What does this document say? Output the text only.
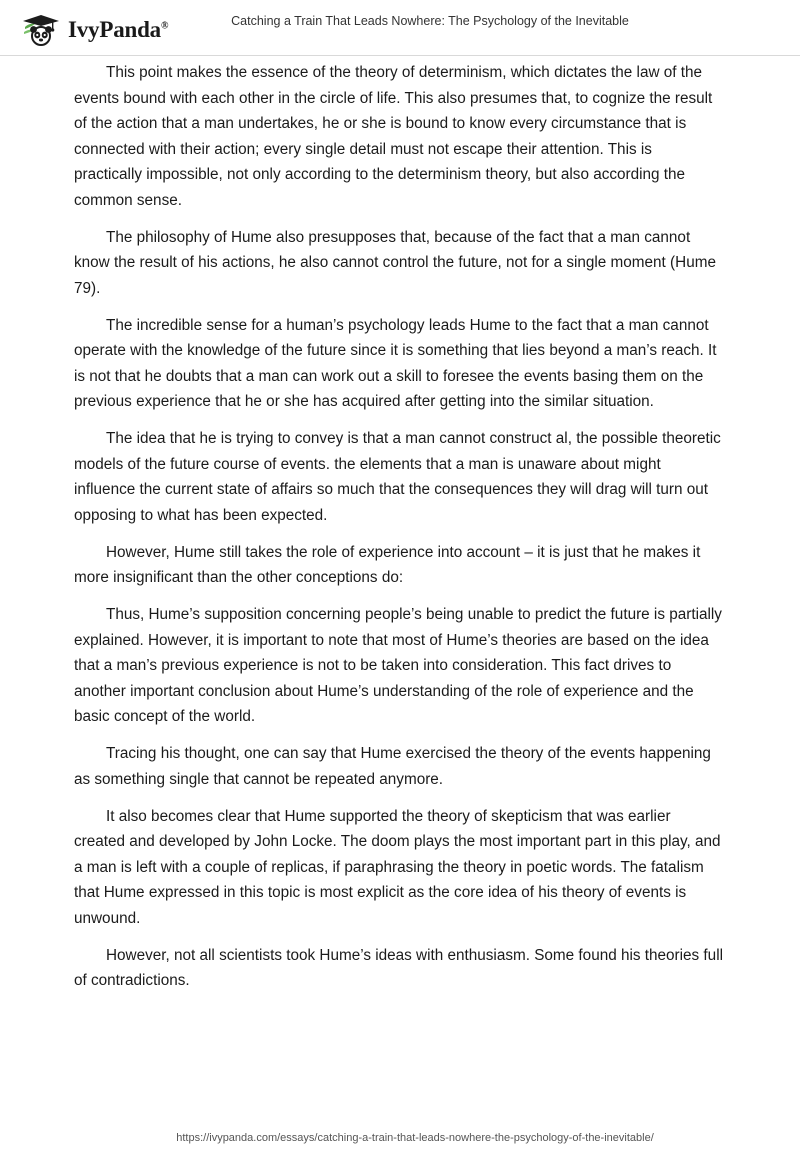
IvyPanda®	Catching a Train That Leads Nowhere: The Psychology of the Inevitable

This point makes the essence of the theory of determinism, which dictates the law of the events bound with each other in the circle of life. This also presumes that, to cognize the result of the action that a man undertakes, he or she is bound to know every circumstance that is connected with their action; every single detail must not escape their attention. This is practically impossible, not only according to the determinism theory, but also according the common sense.

The philosophy of Hume also presupposes that, because of the fact that a man cannot know the result of his actions, he also cannot control the future, not for a single moment (Hume 79).

The incredible sense for a human’s psychology leads Hume to the fact that a man cannot operate with the knowledge of the future since it is something that lies beyond a man’s reach. It is not that he doubts that a man can work out a skill to foresee the events basing them on the previous experience that he or she has acquired after getting into the similar situation.

The idea that he is trying to convey is that a man cannot construct al, the possible theoretic models of the future course of events. the elements that a man is unaware about might influence the current state of affairs so much that the consequences they will drag will turn out opposing to what has been expected.

However, Hume still takes the role of experience into account – it is just that he makes it more insignificant than the other conceptions do:

Thus, Hume’s supposition concerning people’s being unable to predict the future is partially explained. However, it is important to note that most of Hume’s theories are based on the idea that a man’s previous experience is not to be taken into consideration. This fact drives to another important conclusion about Hume’s understanding of the role of experience and the basic concept of the world.

Tracing his thought, one can say that Hume exercised the theory of the events happening as something single that cannot be repeated anymore.

It also becomes clear that Hume supported the theory of skepticism that was earlier created and developed by John Locke. The doom plays the most important part in this play, and a man is left with a couple of replicas, if paraphrasing the theory in poetic words. The fatalism that Hume expressed in this topic is most explicit as the core idea of his theory of events is unwound.

However, not all scientists took Hume’s ideas with enthusiasm. Some found his theories full of contradictions.

https://ivypanda.com/essays/catching-a-train-that-leads-nowhere-the-psychology-of-the-inevitable/
